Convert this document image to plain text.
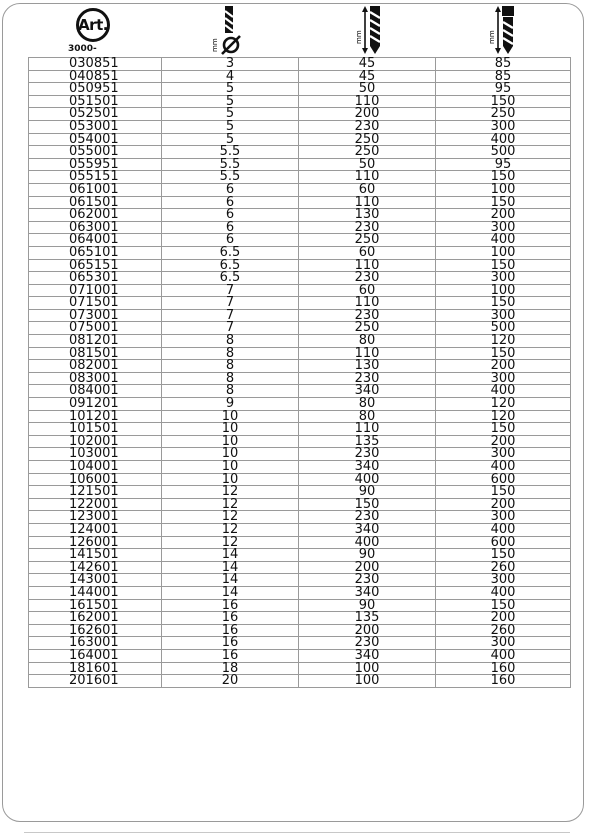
Art.
3000-	mm
mm	mm
030851	3	45	85
040851	4	45	85
050951	5	50	95
051501	5	110	150
052501	5	200	250
053001	5	230	300
054001	5	250	400
055001	5.5	250	500
055951	5.5	50	95
055151	5.5	110	150
061001	6	60	100
061501	6	110	150
062001	6	130	200
063001	6	230	300
064001	6	250	400
065101	6.5	60	100
065151	6.5	110	150
065301	6.5	230	300
071001	7	60	100
071501	7	110	150
073001	7	230	300
075001	7	250	500
081201	8	80	120
081501	8	110	150
082001	8	130	200
083001	8	230	300
084001	8	340	400
091201	9	80	120
101201	10	80	120
101501	10	110	150
102001	10	135	200
103001	10	230	300
104001	10	340	400
106001	10	400	600
121501	12	90	150
122001	12	150	200
123001	12	230	300
124001	12	340	400
126001	12	400	600
141501	14	90	150
142601	14	200	260
143001	14	230	300
144001	14	340	400
161501	16	90	150
162001	16	135	200
162601	16	200	260
163001	16	230	300
164001	16	340	400
181601	18	100	160
201601	20	100	160
